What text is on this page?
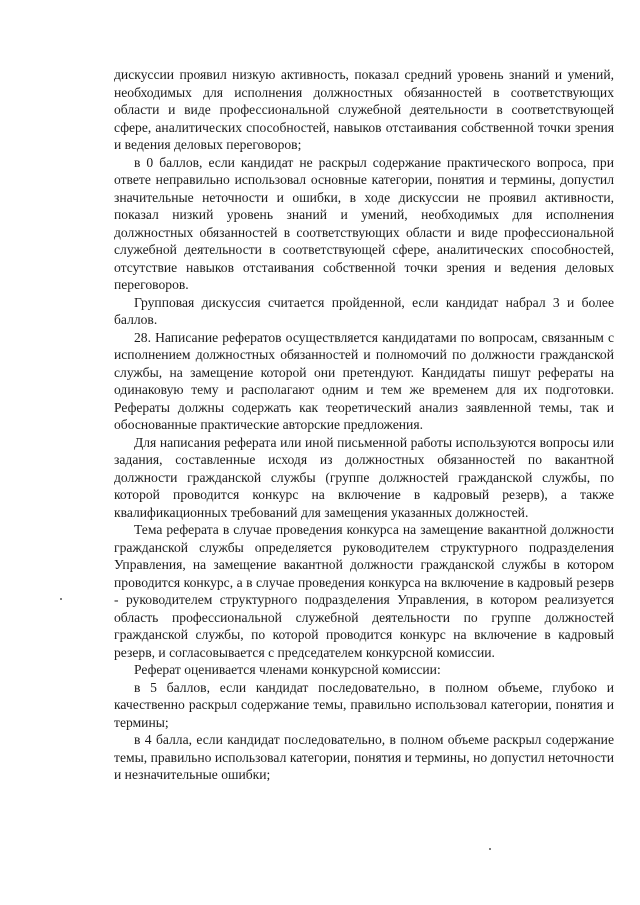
дискуссии проявил низкую активность, показал средний уровень знаний и умений, необходимых для исполнения должностных обязанностей в соответствующих области и виде профессиональной служебной деятельности в соответствующей сфере, аналитических способностей, навыков отстаивания собственной точки зрения и ведения деловых переговоров;

в 0 баллов, если кандидат не раскрыл содержание практического вопроса, при ответе неправильно использовал основные категории, понятия и термины, допустил значительные неточности и ошибки, в ходе дискуссии не проявил активности, показал низкий уровень знаний и умений, необходимых для исполнения должностных обязанностей в соответствующих области и виде профессиональной служебной деятельности в соответствующей сфере, аналитических способностей, отсутствие навыков отстаивания собственной точки зрения и ведения деловых переговоров.

Групповая дискуссия считается пройденной, если кандидат набрал 3 и более баллов.

28. Написание рефератов осуществляется кандидатами по вопросам, связанным с исполнением должностных обязанностей и полномочий по должности гражданской службы, на замещение которой они претендуют. Кандидаты пишут рефераты на одинаковую тему и располагают одним и тем же временем для их подготовки. Рефераты должны содержать как теоретический анализ заявленной темы, так и обоснованные практические авторские предложения.

Для написания реферата или иной письменной работы используются вопросы или задания, составленные исходя из должностных обязанностей по вакантной должности гражданской службы (группе должностей гражданской службы, по которой проводится конкурс на включение в кадровый резерв), а также квалификационных требований для замещения указанных должностей.

Тема реферата в случае проведения конкурса на замещение вакантной должности гражданской службы определяется руководителем структурного подразделения Управления, на замещение вакантной должности гражданской службы в котором проводится конкурс, а в случае проведения конкурса на включение в кадровый резерв - руководителем структурного подразделения Управления, в котором реализуется область профессиональной служебной деятельности по группе должностей гражданской службы, по которой проводится конкурс на включение в кадровый резерв, и согласовывается с председателем конкурсной комиссии.

Реферат оценивается членами конкурсной комиссии:

в 5 баллов, если кандидат последовательно, в полном объеме, глубоко и качественно раскрыл содержание темы, правильно использовал категории, понятия и термины;

в 4 балла, если кандидат последовательно, в полном объеме раскрыл содержание темы, правильно использовал категории, понятия и термины, но допустил неточности и незначительные ошибки;
